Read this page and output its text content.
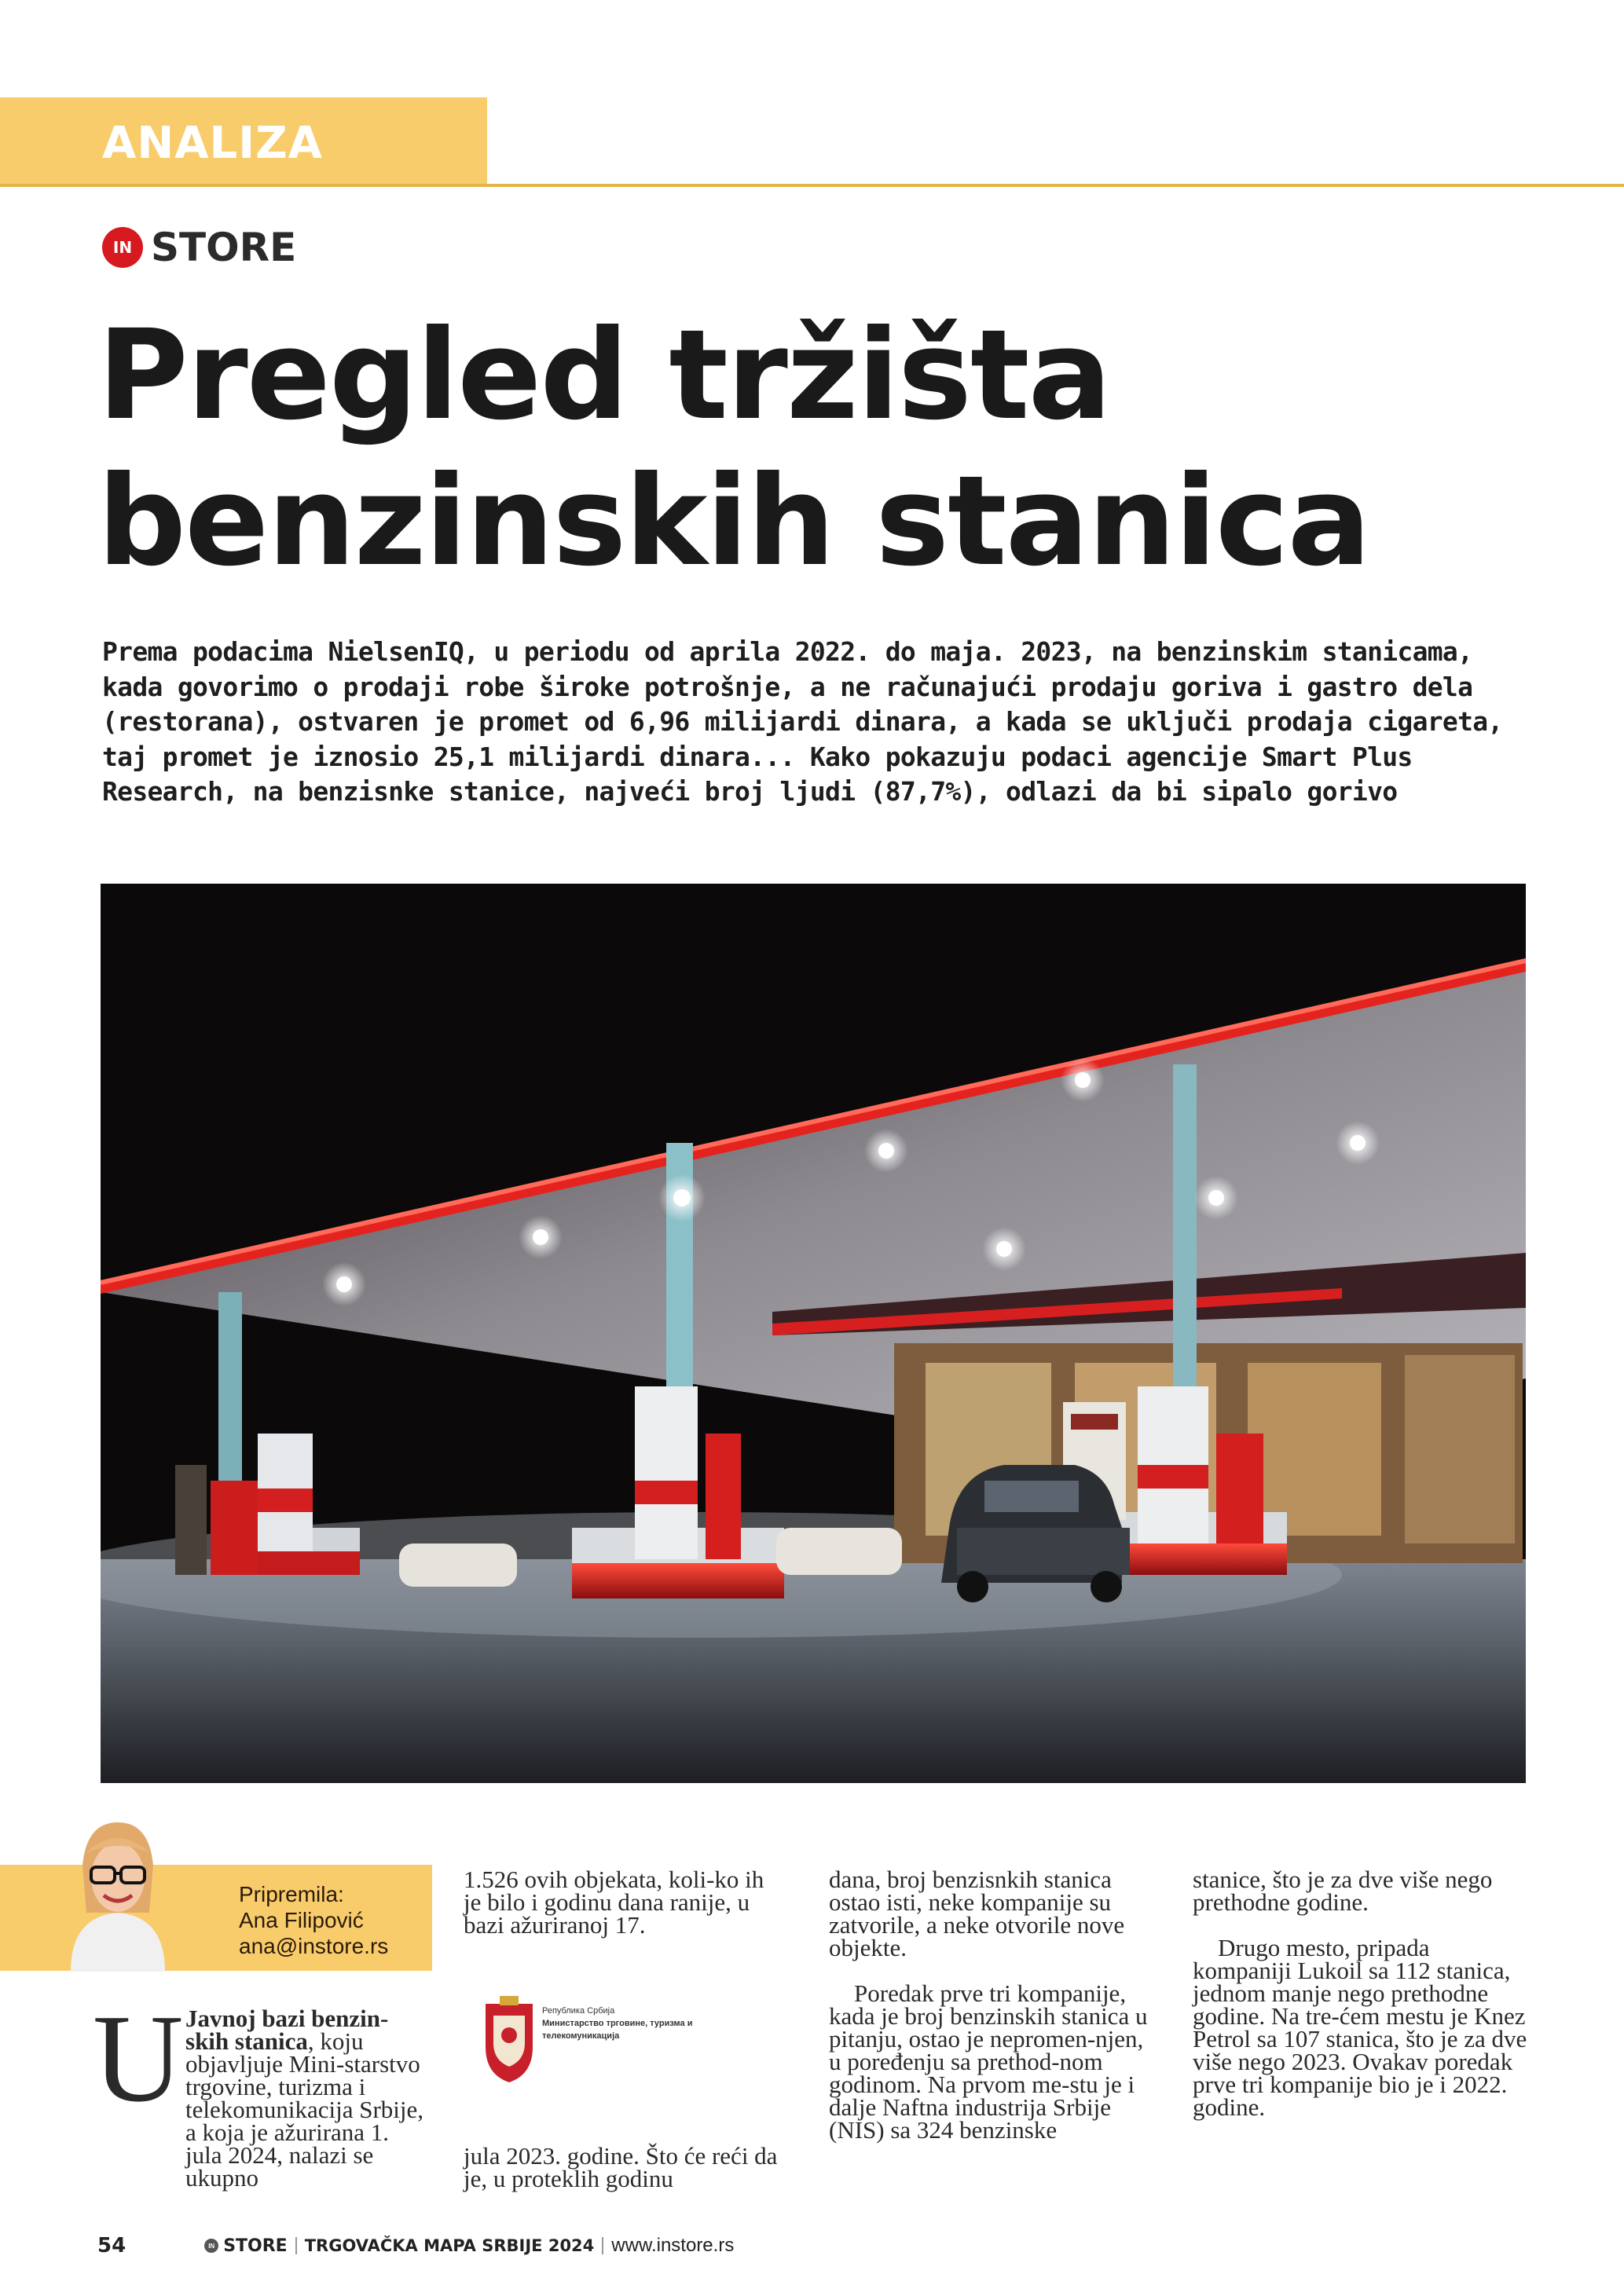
ANALIZA
IN STORE
Pregled tržišta
benzinskih stanica

Prema podacima NielsenIQ, u periodu od aprila 2022. do maja. 2023, na benzinskim stanicama, kada govorimo o prodaji robe široke potrošnje, a ne računajući prodaju goriva i gastro dela (restorana), ostvaren je promet od 6,96 milijardi dinara, a kada se uključi prodaja cigareta, taj promet je iznosio 25,1 milijardi dinara... Kako pokazuju podaci agencije Smart Plus Research, na benzisnke stanice, najveći broj ljudi (87,7%), odlazi da bi sipalo gorivo

Pripremila:
Ana Filipović
ana@instore.rs
U Javnoj bazi benzin-skih stanica, koju objavljuje Mini-starstvo trgovine, turizma i telekomunikacija Srbije, a koja je ažurirana 1. jula 2024, nalazi se ukupno

1.526 ovih objekata, koli-ko ih je bilo i godinu dana ranije, u bazi ažuriranoj 17.

Република Србија
Министарство трговине, туризма и телекомуникација

jula 2023. godine. Što će reći da je, u proteklih godinu

dana, broj benzisnkih stanica ostao isti, neke kompanije su zatvorile, a neke otvorile nove objekte.

Poredak prve tri kompanije, kada je broj benzinskih stanica u pitanju, ostao je nepromen-njen, u poređenju sa prethod-nom godinom. Na prvom me-stu je i dalje Naftna industrija Srbije (NIS) sa 324 benzinske

stanice, što je za dve više nego prethodne godine.

Drugo mesto, pripada kompaniji Lukoil sa 112 stanica, jednom manje nego prethodne godine. Na tre-ćem mestu je Knez Petrol sa 107 stanica, što je za dve više nego 2023. Ovakav poredak prve tri kompanije bio je i 2022. godine.

54	IN STORE TRGOVAČKA MAPA SRBIJE 2024 www.instore.rs
